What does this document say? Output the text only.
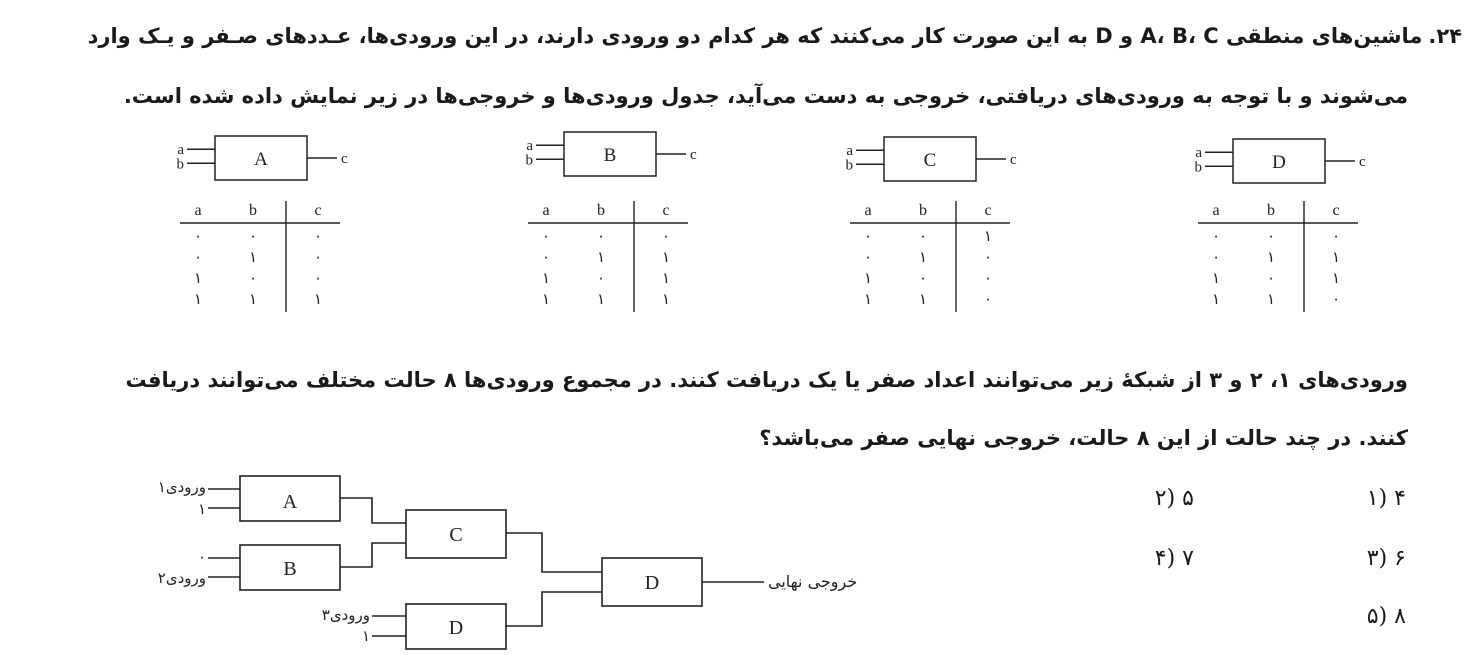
۲۴.ماشین‌های منطقی A، B، C و D به این صورت کار می‌کنند که هر کدام دو ورودی دارند، در این ورودی‌ها، عـددهای صـفر و یـک وارد
می‌شوند و با توجه به ورودی‌های دریافتی، خروجی به دست می‌آید، جدول ورودی‌ها و خروجی‌ها در زیر نمایش داده شده است.
ورودی‌های ۱، ۲ و ۳ از شبکهٔ زیر می‌توانند اعداد صفر یا یک دریافت کنند. در مجموع ورودی‌ها ۸ حالت مختلف می‌توانند دریافت
کنند. در چند حالت از این ۸ حالت، خروجی نهایی صفر می‌باشد؟
A
a
b	c
a	b	c
۰	۰	۰
۰	۱	۰
۱	۰	۰
۱	۱	۱
B
a
b	c
a	b	c
۰	۰	۰
۰	۱	۱
۱	۰	۱
۱	۱	۱
C
a
b	c
a	b	c
۰	۰	۱
۰	۱	۰
۱	۰	۰
۱	۱	۰
D
a
b	c
a	b	c
۰	۰	۰
۰	۱	۱
۱	۰	۱
۱	۱	۰
A
ورودی۱
۱
B
۰
ورودی۲
C
D
ورودی۳
۱
D	خروجی نهایی
۴ (۱
۵ (۲
۶ (۳
۷ (۴
۸ (۵
